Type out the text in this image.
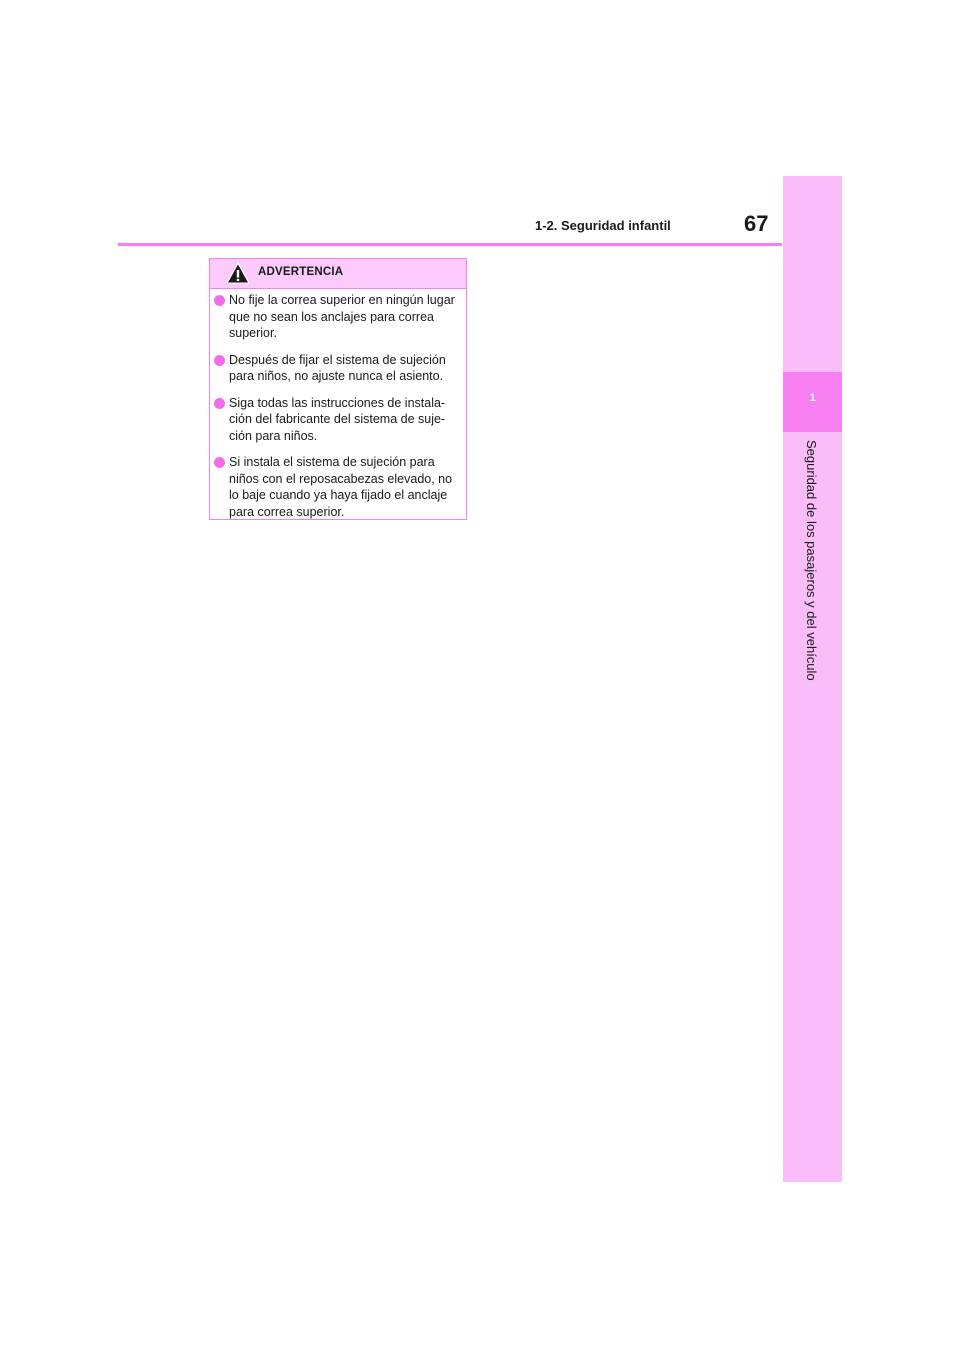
1-2. Seguridad infantil	67
1
Seguridad de los pasajeros y del vehículo
ADVERTENCIA
No fije la correa superior en ningún lugar que no sean los anclajes para correa superior.
Después de fijar el sistema de sujeción para niños, no ajuste nunca el asiento.
Siga todas las instrucciones de instala-ción del fabricante del sistema de suje-ción para niños.
Si instala el sistema de sujeción para niños con el reposacabezas elevado, no lo baje cuando ya haya fijado el anclaje para correa superior.
